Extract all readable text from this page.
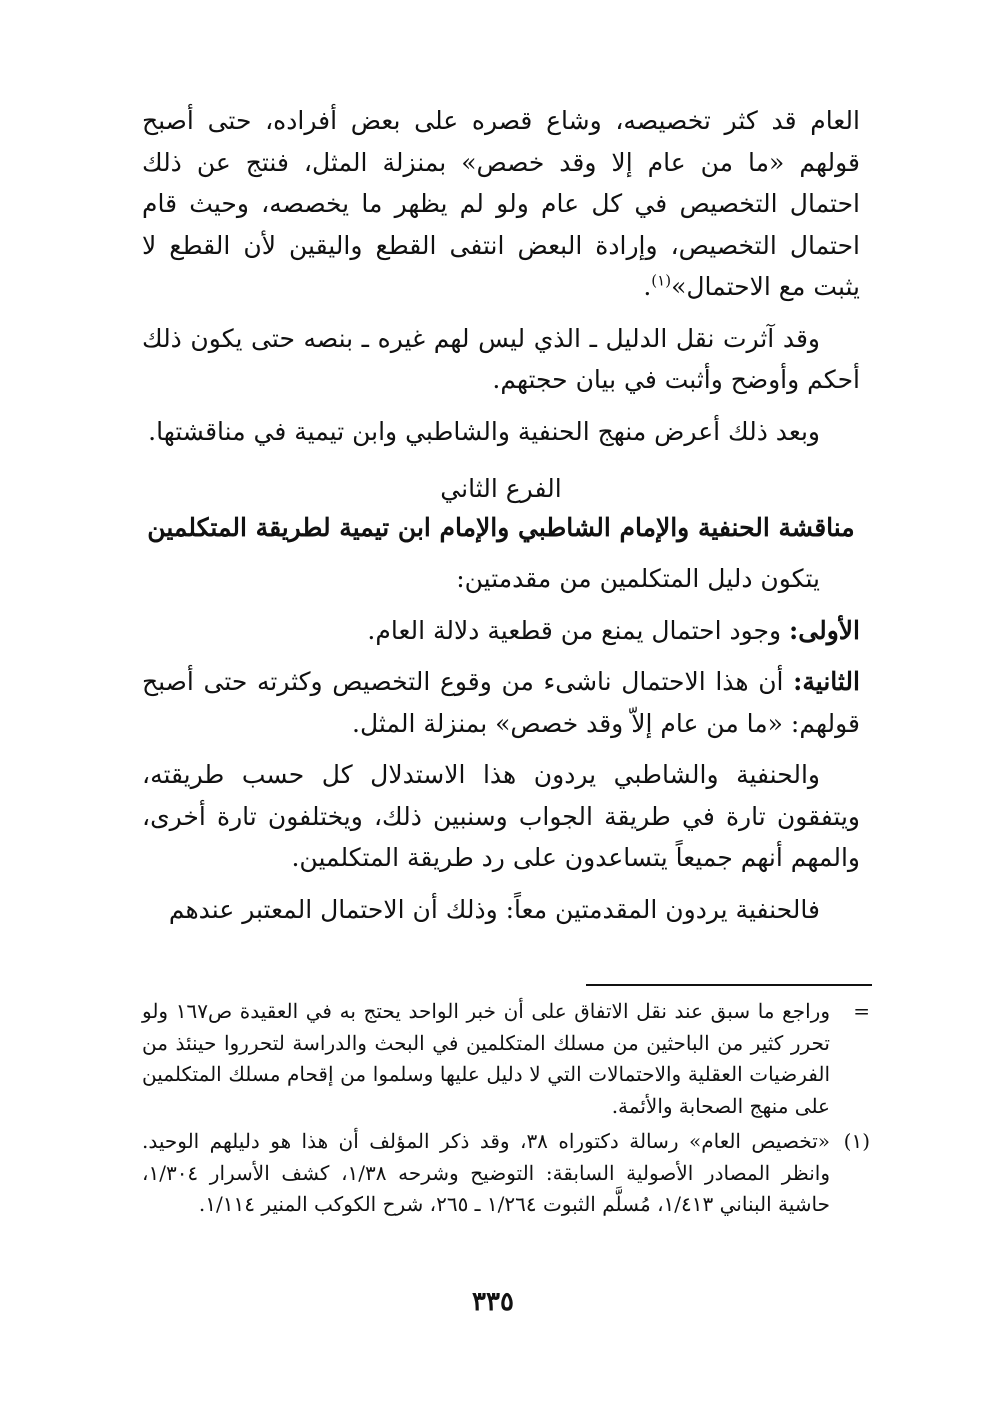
العام قد كثر تخصيصه، وشاع قصره على بعض أفراده، حتى أصبح قولهم «ما من عام إلا وقد خصص» بمنزلة المثل، فنتج عن ذلك احتمال التخصيص في كل عام ولو لم يظهر ما يخصصه، وحيث قام احتمال التخصيص، وإرادة البعض انتفى القطع واليقين لأن القطع لا يثبت مع الاحتمال»$^{(١)}$.

وقد آثرت نقل الدليل ـ الذي ليس لهم غيره ـ بنصه حتى يكون ذلك أحكم وأوضح وأثبت في بيان حجتهم.

وبعد ذلك أعرض منهج الحنفية والشاطبي وابن تيمية في مناقشتها.

الفرع الثاني

مناقشة الحنفية والإمام الشاطبي والإمام ابن تيمية لطريقة المتكلمين

يتكون دليل المتكلمين من مقدمتين:

الأولى: وجود احتمال يمنع من قطعية دلالة العام.

الثانية: أن هذا الاحتمال ناشىء من وقوع التخصيص وكثرته حتى أصبح قولهم: «ما من عام إلاّ وقد خصص» بمنزلة المثل.

والحنفية والشاطبي يردون هذا الاستدلال كل حسب طريقته، ويتفقون تارة في طريقة الجواب وسنبين ذلك، ويختلفون تارة أخرى، والمهم أنهم جميعاً يتساعدون على رد طريقة المتكلمين.

فالحنفية يردون المقدمتين معاً: وذلك أن الاحتمال المعتبر عندهم

=
وراجع ما سبق عند نقل الاتفاق على أن خبر الواحد يحتج به في العقيدة ص١٦٧ ولو تحرر كثير من الباحثين من مسلك المتكلمين في البحث والدراسة لتحرروا حينئذ من الفرضيات العقلية والاحتمالات التي لا دليل عليها وسلموا من إقحام مسلك المتكلمين على منهج الصحابة والأئمة.
(١)
«تخصيص العام» رسالة دكتوراه ٣٨، وقد ذكر المؤلف أن هذا هو دليلهم الوحيد. وانظر المصادر الأصولية السابقة: التوضيح وشرحه ١/٣٨، كشف الأسرار ١/٣٠٤، حاشية البناني ١/٤١٣، مُسلَّم الثبوت ١/٢٦٤ ـ ٢٦٥، شرح الكوكب المنير ١/١١٤.
٣٣٥
